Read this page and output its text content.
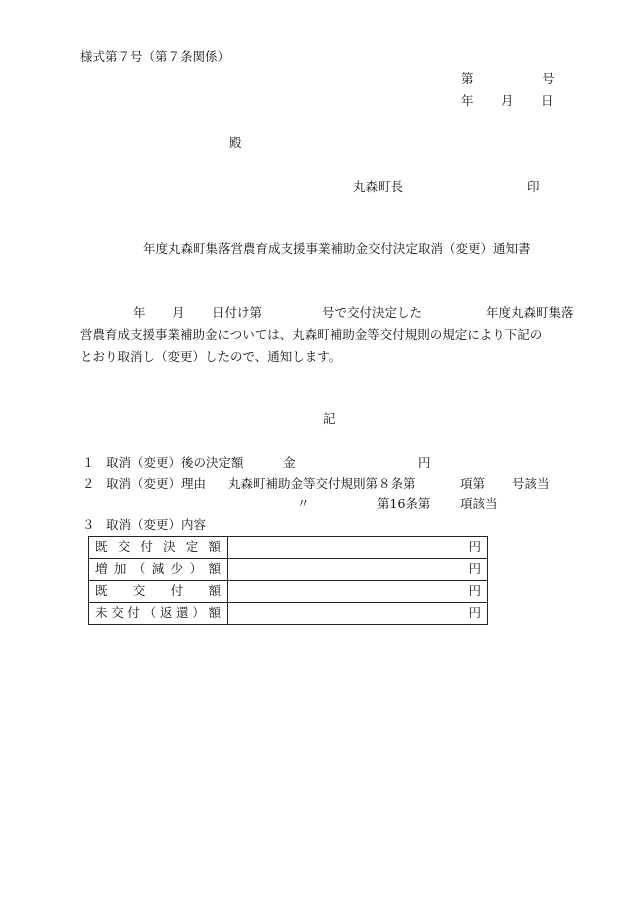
様式第７号（第７条関係）
第	号
年 月 日
殿
丸森町長	印
年度丸森町集落営農育成支援事業補助金交付決定取消（変更）通知書
年 月 日付け第	号で交付決定した	年度丸森町集落
営農育成支援事業補助金については、丸森町補助金等交付規則の規定により下記の
とおり取消し（変更）したので、通知します。
記
１ 取消（変更）後の決定額	金	円
２ 取消（変更）理由 丸森町補助金等交付規則第８条第	項第 号該当
〃	第16条第 項該当
３ 取消（変更）内容
既交付決定額	円
増加（減少）額	円
既交付額	円
未交付（返還）額	円
